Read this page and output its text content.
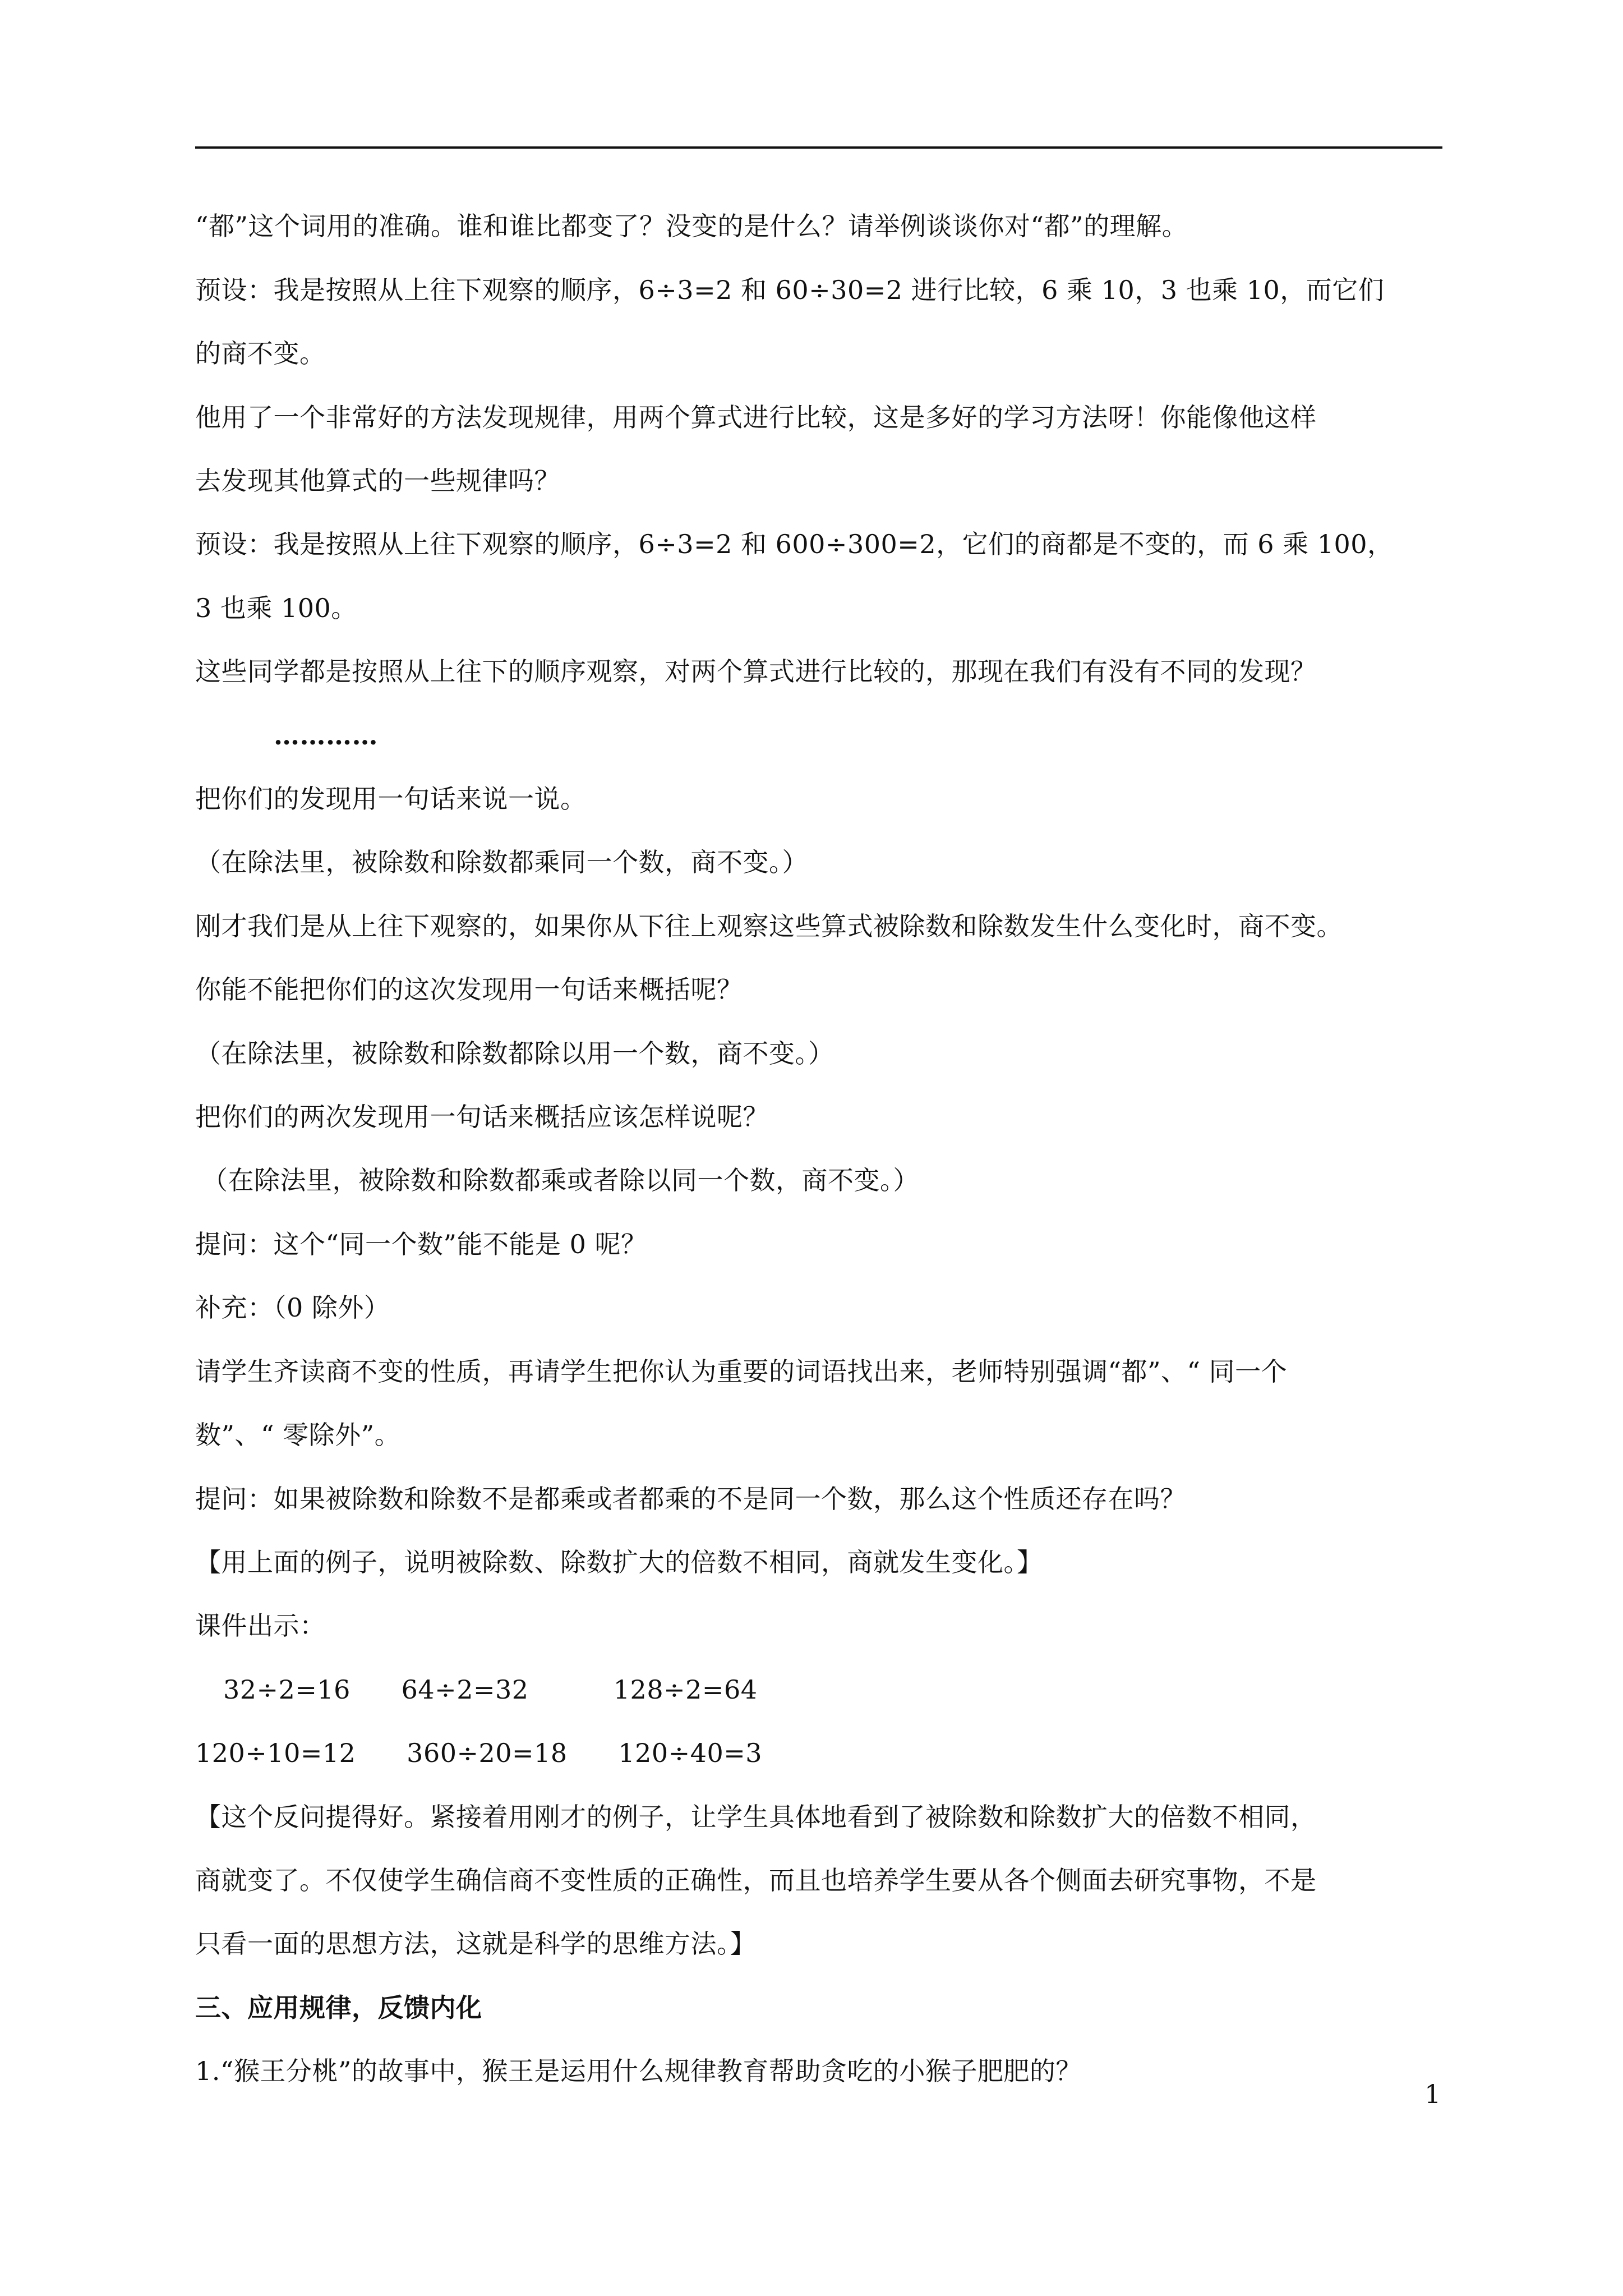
“都”这个词用的准确。谁和谁比都变了？没变的是什么？请举例谈谈你对“都”的理解。
预设：我是按照从上往下观察的顺序，6÷3=2 和 60÷30=2 进行比较，6 乘 10，3 也乘 10，而它们
的商不变。
他用了一个非常好的方法发现规律，用两个算式进行比较，这是多好的学习方法呀！你能像他这样
去发现其他算式的一些规律吗？
预设：我是按照从上往下观察的顺序，6÷3=2 和 600÷300=2，它们的商都是不变的，而 6 乘 100，
3 也乘 100。
这些同学都是按照从上往下的顺序观察，对两个算式进行比较的，那现在我们有没有不同的发现？
…………
把你们的发现用一句话来说一说。
（在除法里，被除数和除数都乘同一个数，商不变。）
刚才我们是从上往下观察的，如果你从下往上观察这些算式被除数和除数发生什么变化时，商不变。
你能不能把你们的这次发现用一句话来概括呢？
（在除法里，被除数和除数都除以用一个数，商不变。）
把你们的两次发现用一句话来概括应该怎样说呢？
（在除法里，被除数和除数都乘或者除以同一个数，商不变。）
提问：这个“同一个数”能不能是 0 呢？
补充：（0 除外）
请学生齐读商不变的性质，再请学生把你认为重要的词语找出来，老师特别强调“都”、“ 同一个
数”、“ 零除外”。
提问：如果被除数和除数不是都乘或者都乘的不是同一个数，那么这个性质还存在吗？
【用上面的例子，说明被除数、除数扩大的倍数不相同，商就发生变化。】
课件出示：
32÷2=16      64÷2=32          128÷2=64
120÷10=12      360÷20=18      120÷40=3
【这个反问提得好。紧接着用刚才的例子，让学生具体地看到了被除数和除数扩大的倍数不相同，
商就变了。不仅使学生确信商不变性质的正确性，而且也培养学生要从各个侧面去研究事物，不是
只看一面的思想方法，这就是科学的思维方法。】
三、应用规律，反馈内化
1.“猴王分桃”的故事中，猴王是运用什么规律教育帮助贪吃的小猴子肥肥的？
1
